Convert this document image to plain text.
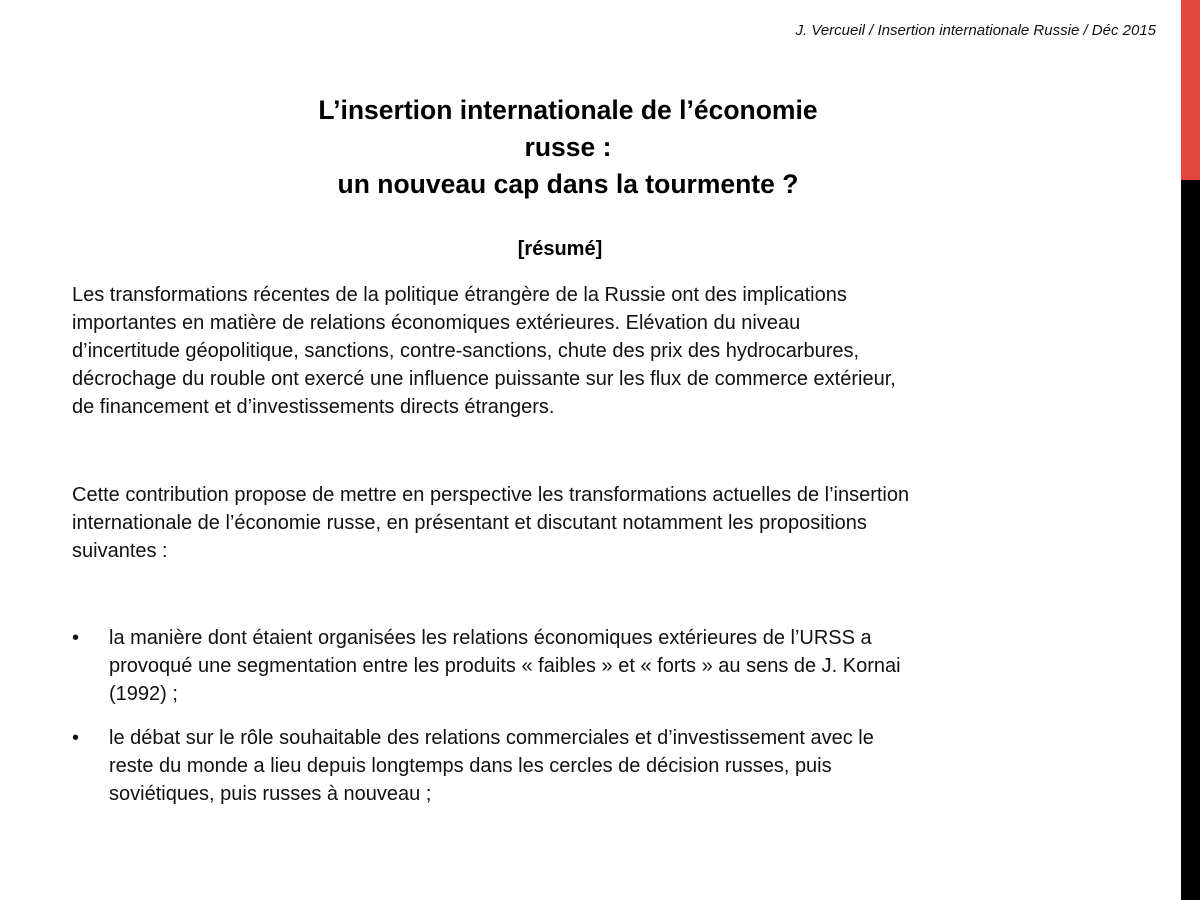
J. Vercueil / Insertion internationale Russie / Déc 2015
L’insertion internationale de l’économie
russe :
un nouveau cap dans la tourmente ?
[résumé]
Les transformations récentes de la politique étrangère de la Russie ont des implications
importantes en matière de relations économiques extérieures. Elévation du niveau
d’incertitude géopolitique, sanctions, contre-sanctions, chute des prix des hydrocarbures,
décrochage du rouble ont exercé une influence puissante sur les flux de commerce extérieur,
de financement et d’investissements directs étrangers.
Cette contribution propose de mettre en perspective les transformations actuelles de l’insertion
internationale de l’économie russe, en présentant et discutant notamment les propositions
suivantes :
•	la manière dont étaient organisées les relations économiques extérieures de l’URSS a
provoqué une segmentation entre les produits « faibles » et « forts » au sens de J. Kornai
(1992) ;
•	le débat sur le rôle souhaitable des relations commerciales et d’investissement avec le
reste du monde a lieu depuis longtemps dans les cercles de décision russes, puis
soviétiques, puis russes à nouveau ;
